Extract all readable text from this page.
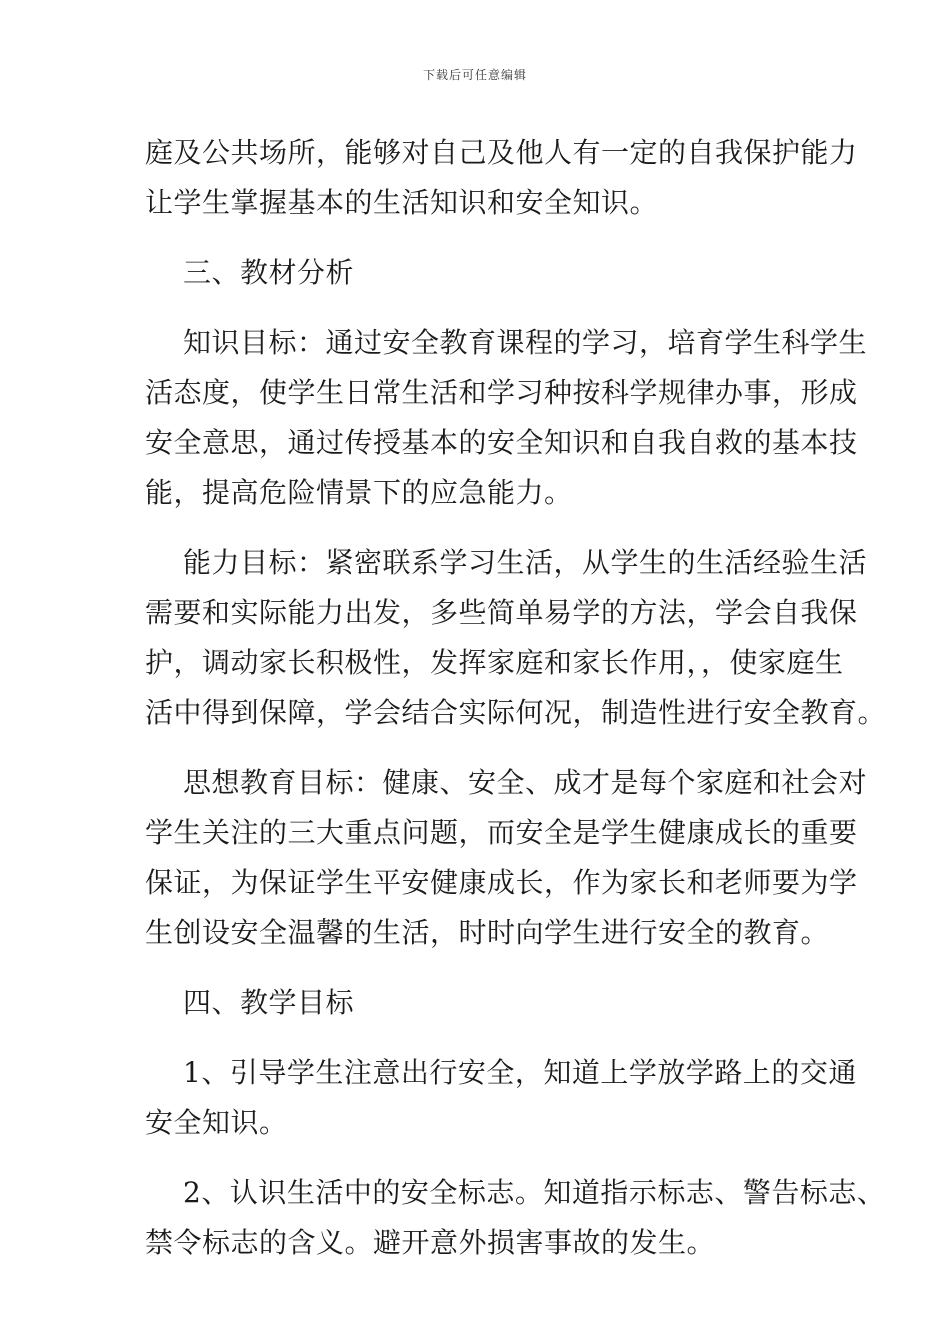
下载后可任意编辑
庭及公共场所，能够对自己及他人有一定的自我保护能力
让学生掌握基本的生活知识和安全知识。
三、教材分析
知识目标：通过安全教育课程的学习，培育学生科学生
活态度，使学生日常生活和学习种按科学规律办事，形成
安全意思，通过传授基本的安全知识和自我自救的基本技
能，提高危险情景下的应急能力。
能力目标：紧密联系学习生活，从学生的生活经验生活
需要和实际能力出发，多些简单易学的方法，学会自我保
护，调动家长积极性，发挥家庭和家长作用，，使家庭生
活中得到保障，学会结合实际何况，制造性进行安全教育。
思想教育目标：健康、安全、成才是每个家庭和社会对
学生关注的三大重点问题，而安全是学生健康成长的重要
保证，为保证学生平安健康成长，作为家长和老师要为学
生创设安全温馨的生活，时时向学生进行安全的教育。
四、教学目标
1、引导学生注意出行安全，知道上学放学路上的交通
安全知识。
2、认识生活中的安全标志。知道指示标志、警告标志、
禁令标志的含义。避开意外损害事故的发生。
